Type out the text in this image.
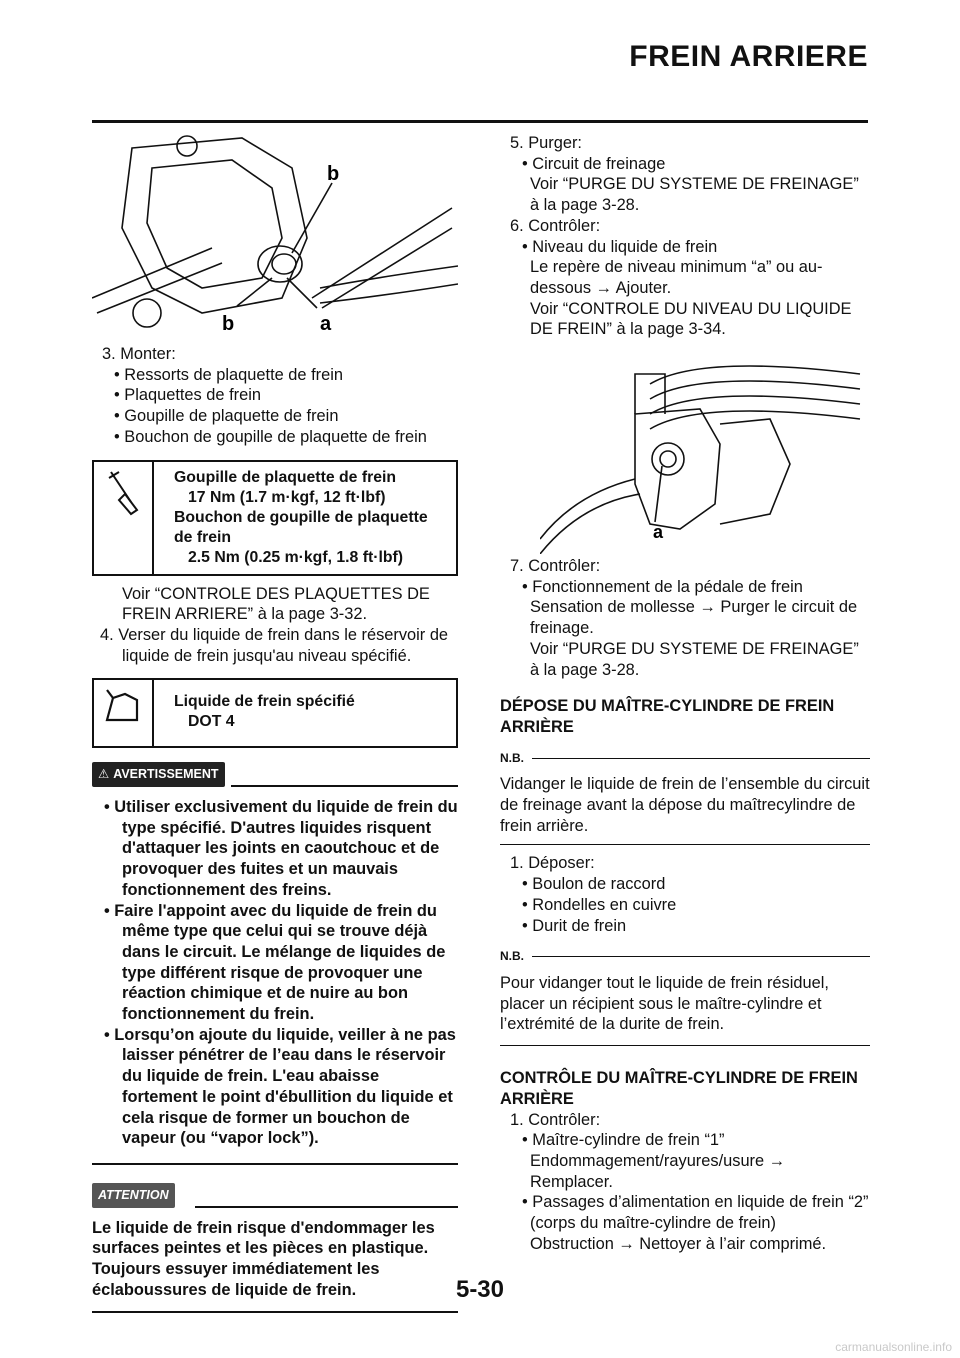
FREIN ARRIERE
b
b	a

3. Monter:

• Ressorts de plaquette de frein

• Plaquettes de frein

• Goupille de plaquette de frein

• Bouchon de goupille de plaquette de frein

Goupille de plaquette de frein
17 Nm (1.7 m·kgf, 12 ft·lbf)
Bouchon de goupille de plaquette
de frein
2.5 Nm (0.25 m·kgf, 1.8 ft·lbf)

Voir “CONTROLE DES PLAQUETTES DE

FREIN ARRIERE” à la page 3-32.

4. Verser du liquide de frein dans le réservoir de liquide de frein jusqu'au niveau spécifié.

Liquide de frein spécifié
DOT 4
⚠ AVERTISSEMENT

• Utiliser exclusivement du liquide de frein du type spécifié. D'autres liquides risquent d'attaquer les joints en caoutchouc et de provoquer des fuites et un mauvais fonctionnement des freins.

• Faire l'appoint avec du liquide de frein du même type que celui qui se trouve déjà dans le circuit. Le mélange de liquides de type différent risque de provoquer une réaction chimique et de nuire au bon fonctionnement du frein.

• Lorsqu’on ajoute du liquide, veiller à ne pas laisser pénétrer de l’eau dans le réservoir du liquide de frein. L'eau abaisse fortement le point d'ébullition du liquide et cela risque de former un bouchon de vapeur (ou “vapor lock”).

ATTENTION

Le liquide de frein risque d'endommager les surfaces peintes et les pièces en plastique. Toujours essuyer immédiatement les éclaboussures de liquide de frein.

5. Purger:

• Circuit de freinage

Voir “PURGE DU SYSTEME DE FREINAGE” à la page 3-28.

6. Contrôler:

• Niveau du liquide de frein

Le repère de niveau minimum “a” ou au-dessous → Ajouter.

Voir “CONTROLE DU NIVEAU DU LIQUIDE DE FREIN” à la page 3-34.

a

7. Contrôler:

• Fonctionnement de la pédale de frein

Sensation de mollesse → Purger le circuit de freinage.

Voir “PURGE DU SYSTEME DE FREINAGE” à la page 3-28.

DÉPOSE DU MAÎTRE-CYLINDRE DE FREIN ARRIÈRE

N.B.

Vidanger le liquide de frein de l’ensemble du circuit de freinage avant la dépose du maîtrecylindre de frein arrière.

1. Déposer:

• Boulon de raccord

• Rondelles en cuivre

• Durit de frein

N.B.

Pour vidanger tout le liquide de frein résiduel, placer un récipient sous le maître-cylindre et l’extrémité de la durite de frein.

CONTRÔLE DU MAÎTRE-CYLINDRE DE FREIN ARRIÈRE

1. Contrôler:

• Maître-cylindre de frein “1”

Endommagement/rayures/usure → Remplacer.

• Passages d’alimentation en liquide de frein “2”

(corps du maître-cylindre de frein)

Obstruction → Nettoyer à l’air comprimé.

5-30
carmanualsonline.info
